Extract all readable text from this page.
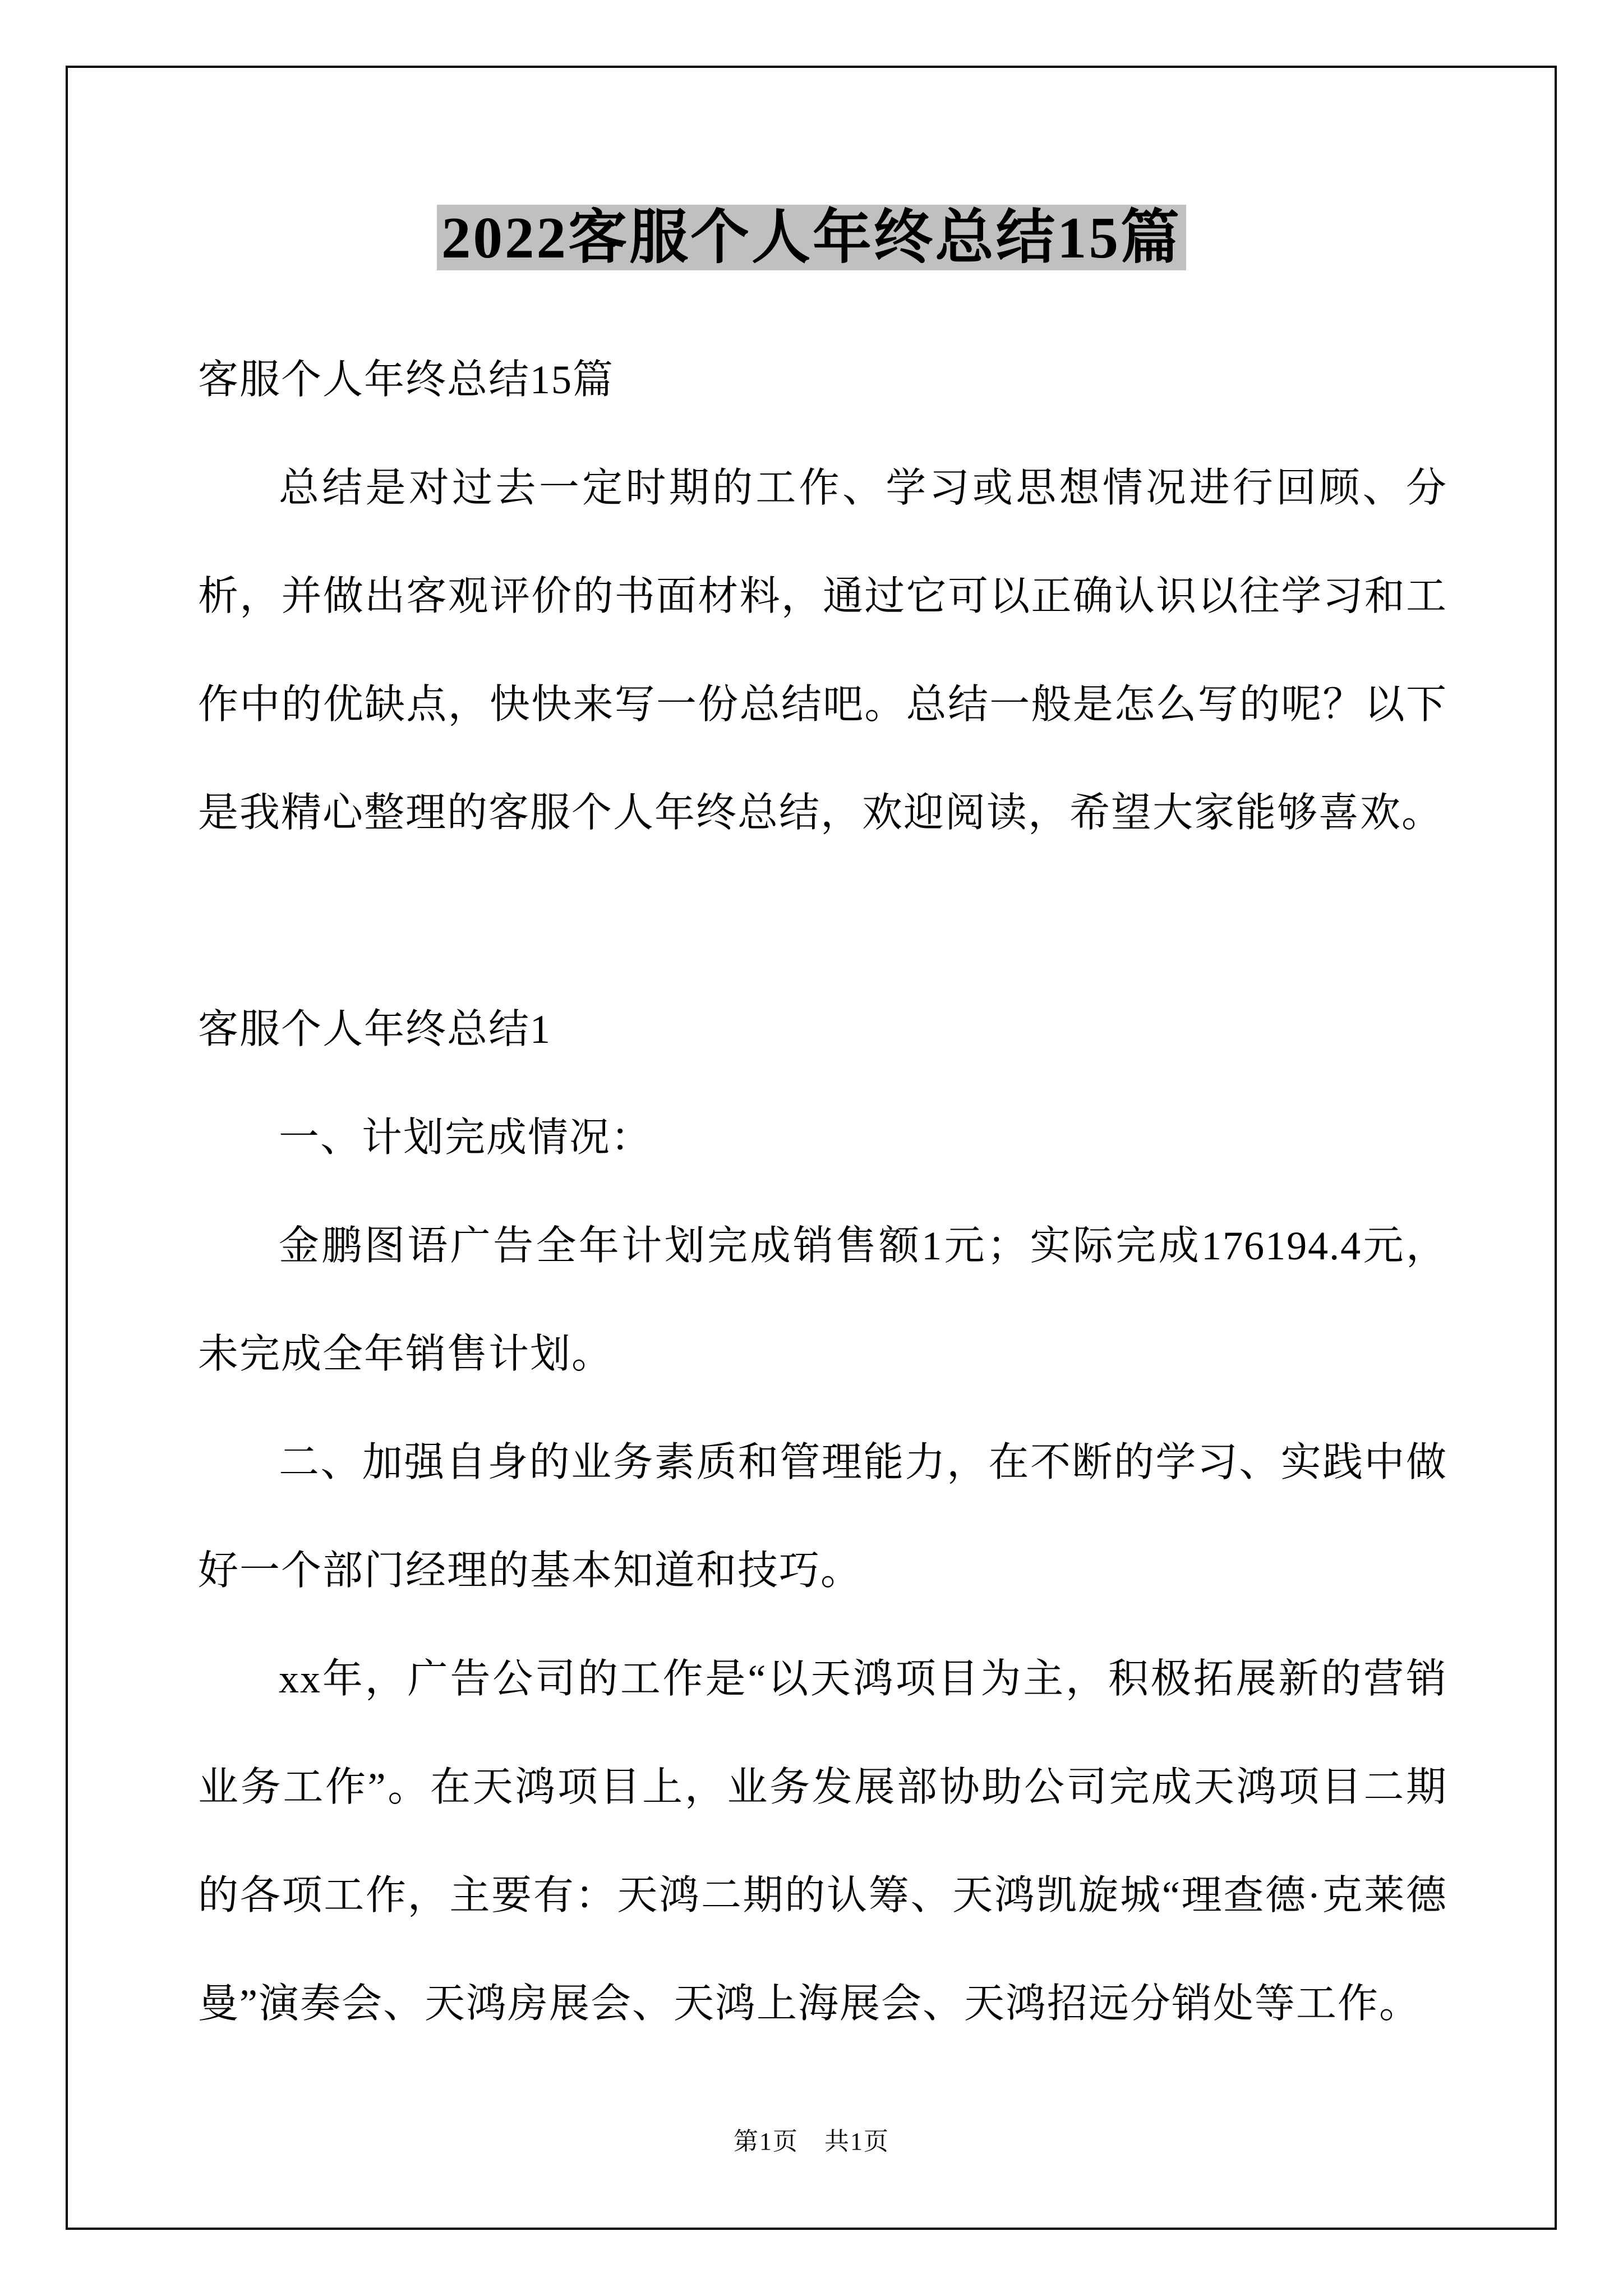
2022客服个人年终总结15篇

客服个人年终总结15篇

总结是对过去一定时期的工作、学习或思想情况进行回顾、分析，并做出客观评价的书面材料，通过它可以正确认识以往学习和工作中的优缺点，快快来写一份总结吧。总结一般是怎么写的呢？以下是我精心整理的客服个人年终总结，欢迎阅读，希望大家能够喜欢。

客服个人年终总结1

一、计划完成情况：

金鹏图语广告全年计划完成销售额1元；实际完成176194.4元，未完成全年销售计划。

二、加强自身的业务素质和管理能力，在不断的学习、实践中做好一个部门经理的基本知道和技巧。

xx年，广告公司的工作是“以天鸿项目为主，积极拓展新的营销业务工作”。在天鸿项目上，业务发展部协助公司完成天鸿项目二期的各项工作，主要有：天鸿二期的认筹、天鸿凯旋城“理查德·克莱德曼”演奏会、天鸿房展会、天鸿上海展会、天鸿招远分销处等工作。

第1页　共1页
